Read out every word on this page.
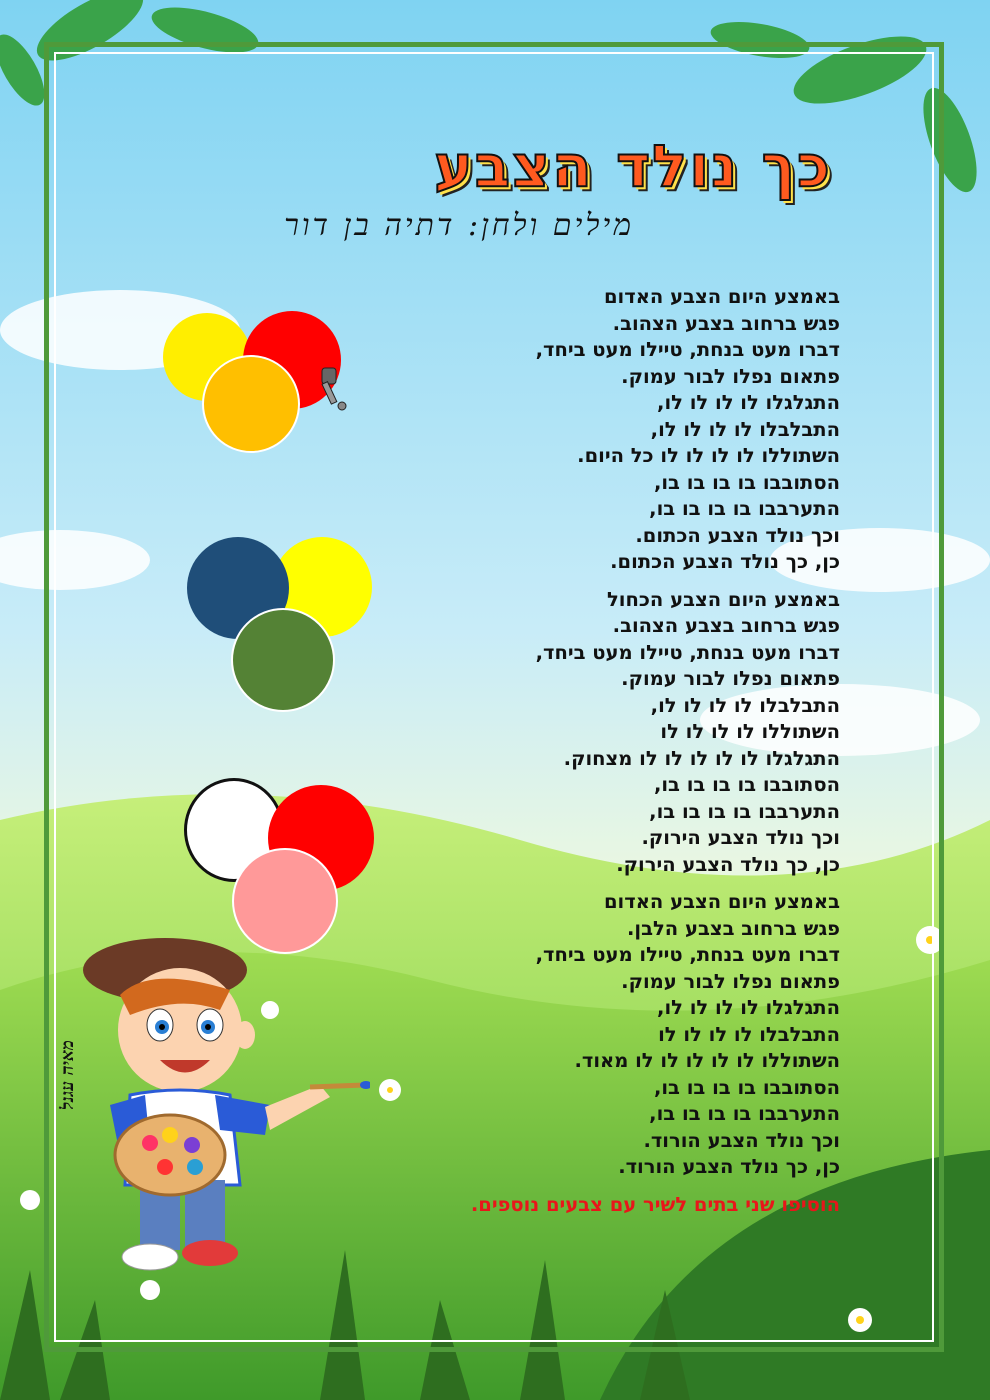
כך נולד הצבע
מילים ולחן: דתיה בן דור
באמצע היום הצבע האדום
פגש ברחוב בצבע הצהוב.
דברו מעט בנחת, טיילו מעט ביחד,
פתאום נפלו לבור עמוק.
התגלגלו לו לו לו לו,
התבלבלו לו לו לו לו,
השתוללו לו לו לו לו כל היום.
הסתובבו בו בו בו בו,
התערבבו בו בו בו בו,
וכך נולד הצבע הכתום.
כן, כך נולד הצבע הכתום.
באמצע היום הצבע הכחול
פגש ברחוב בצבע הצהוב.
דברו מעט בנחת, טיילו מעט ביחד,
פתאום נפלו לבור עמוק.
התבלבלו לו לו לו לו,
השתוללו לו לו לו לו
התגלגלו לו לו לו לו לו מצחוק.
הסתובבו בו בו בו בו,
התערבבו בו בו בו בו,
וכך נולד הצבע הירוק.
כן, כך נולד הצבע הירוק.
באמצע היום הצבע האדום
פגש ברחוב בצבע הלבן.
דברו מעט בנחת, טיילו מעט ביחד,
פתאום נפלו לבור עמוק.
התגלגלו לו לו לו לו,
התבלבלו לו לו לו לו
השתוללו לו לו לו לו לו מאוד.
הסתובבו בו בו בו בו,
התערבבו בו בו בו בו,
וכך נולד הצבע הורוד.
כן, כך נולד הצבע הורוד.
הוסיפו שני בתים לשיר עם צבעים נוספים.
מאיה עגנל
